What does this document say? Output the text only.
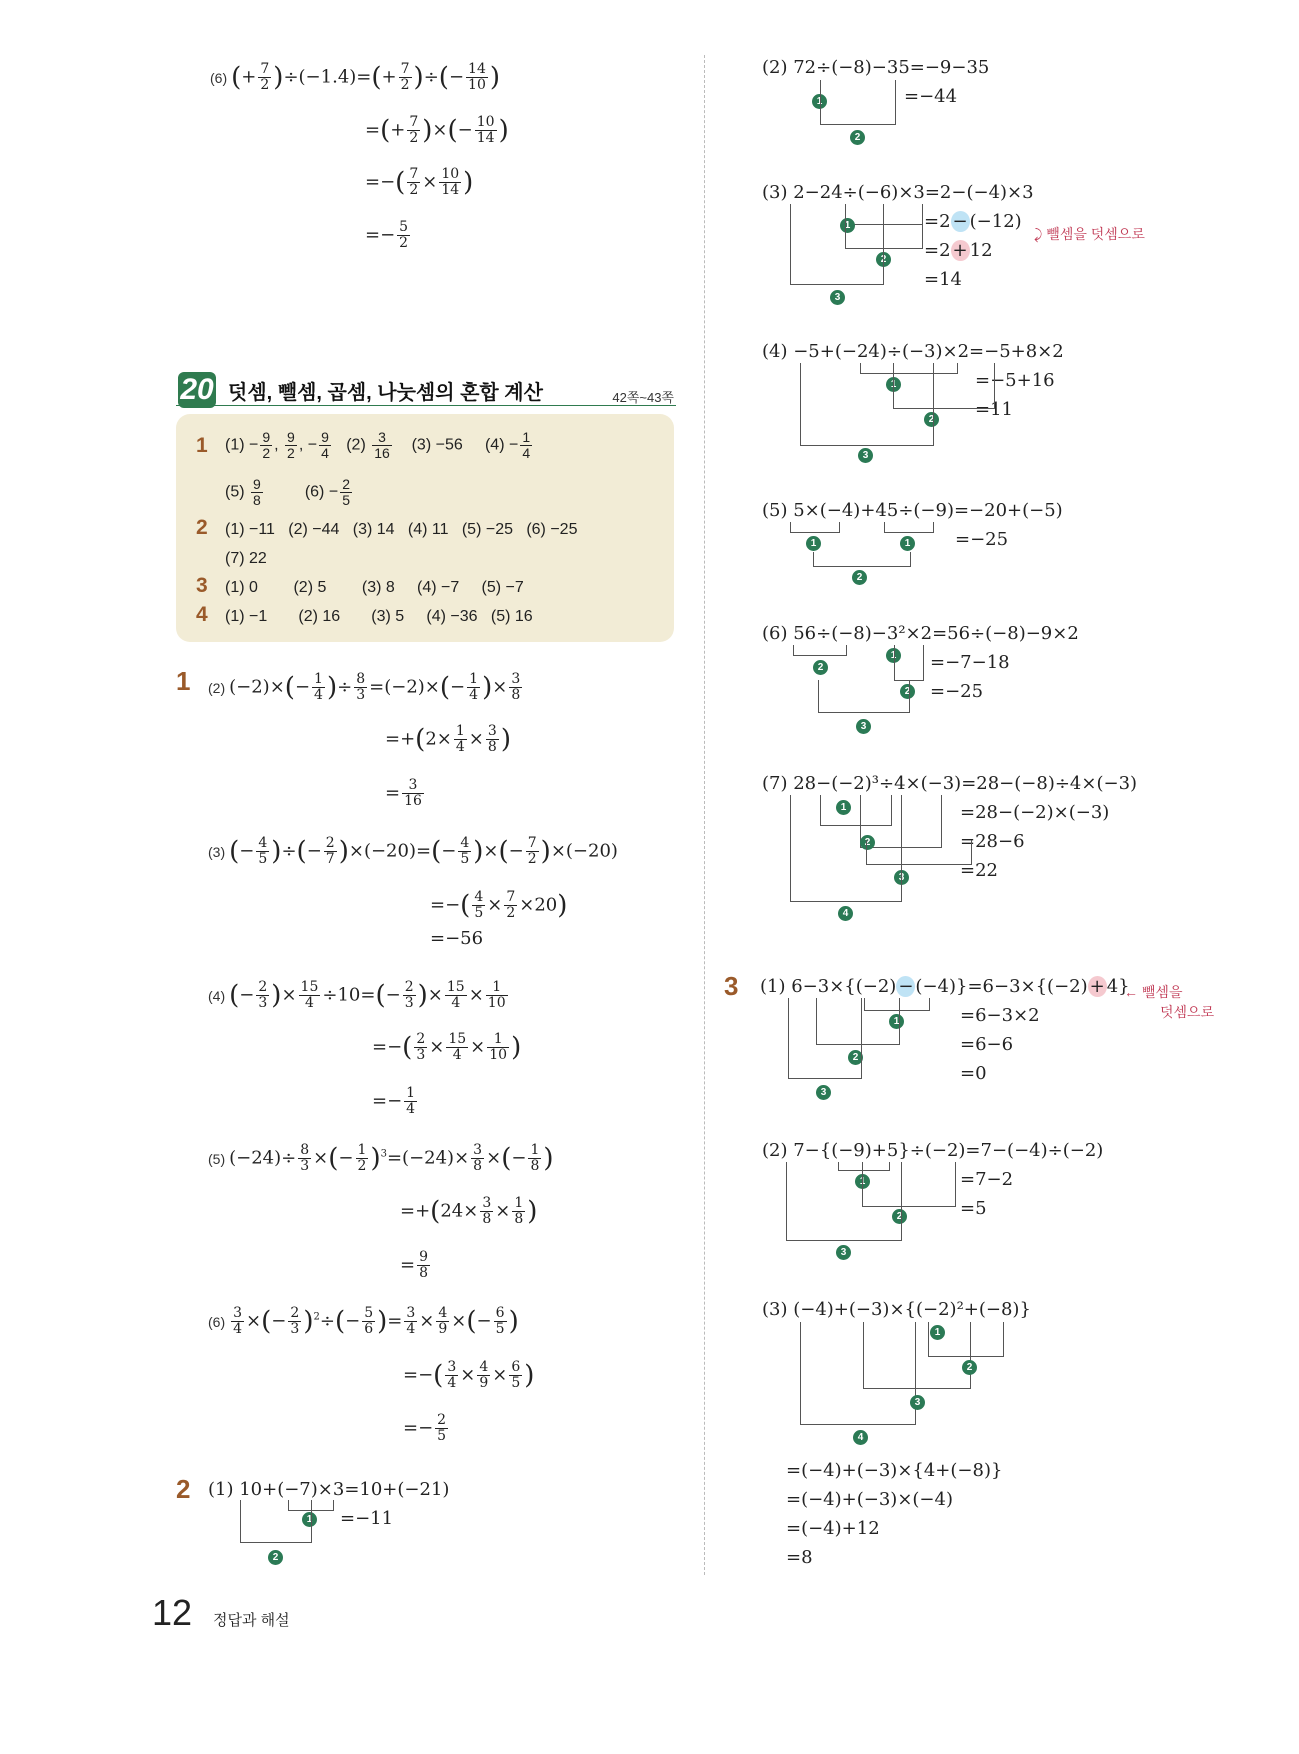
(6) (+ $\frac{7}{2} )\div(-1.4)=(+ \frac{7}{2}$ )÷(− $\frac{14}{10}$ )
=(+ $\frac{7}{2}$ )×(− $\frac{10}{14}$ )
=−( $\frac{7}{2} \times \frac{10}{14}$ )
=− $\frac{5}{2}$
20 덧셈, 뺄셈, 곱셈, 나눗셈의 혼합 계산	42쪽~43쪽
1 $(1) - \frac{9}{2}$ , $\frac{9}{2}$ , − $\frac{9}{4} (2) \frac{3}{16} (3) -56$ $(4) - \frac{1}{4}$
$(5) \frac{9}{8}$	$(6) - \frac{2}{5}$
2 (1) −11   (2) −44   (3) 14   (4) 11   (5) −25   (6) −25
(7) 22
3 (1) 0        (2) 5        (3) 8     (4) −7     (5) −7
4 (1) −1       (2) 16       (3) 5     (4) −36   (5) 16
1 (2) $(-2)\times(- \frac{1}{4}$ )÷ $\frac{8}{3} =(-2)\times(- \frac{1}{4}$ )× $\frac{3}{8}$
$=+(2\times \frac{1}{4} \times \frac{3}{8}$ )
= $\frac{3}{16}$
(3) (− $\frac{4}{5}$ )÷(− $\frac{2}{7} )\times(-20)=(- \frac{4}{5}$ )×(− $\frac{7}{2} )\times(-20)$
=−( $\frac{4}{5} \times \frac{7}{2} \times 20$)
=−56
(4) (− $\frac{2}{3}$ )× $\frac{15}{4} \div 10=(- \frac{2}{3}$ )× $\frac{15}{4} \times \frac{1}{10}$
=−( $\frac{2}{3} \times \frac{15}{4} \times \frac{1}{10}$ )
=− $\frac{1}{4}$
(5) $(-24)\div \frac{8}{3}$ ×(− $\frac{1}{2} )^3=(-24)\times \frac{3}{8}$ ×(− $\frac{1}{8}$ )
$=+(24\times \frac{3}{8} \times \frac{1}{8}$ )
= $\frac{9}{8}$
$(6) \frac{3}{4}$ ×(− $\frac{2}{3} )^2\div(- \frac{5}{6}$ )= $\frac{3}{4} \times \frac{4}{9}$ ×(− $\frac{6}{5}$ )
=−( $\frac{3}{4} \times \frac{4}{9} \times \frac{6}{5}$ )
=− $\frac{2}{5}$
2 (1) 10+(−7)×3=10+(−21)
=−11
1
2
(2) 72÷(−8)−35=−9−35
=−44
1
2
(3) 2−24÷(−6)×3=2−(−4)×3
=2 − (−12)
=2 + 12
=14
⤸ 뺄셈을 덧셈으로
1
2
3
(4) −5+(−24)÷(−3)×2=−5+8×2
=−5+16
=11
1
2
3
(5) 5×(−4)+45÷(−9)=−20+(−5)
=−25
1	1
2
(6) 56÷(−8)−3²×2=56÷(−8)−9×2
=−7−18
=−25
2
1
2
3
(7) 28−(−2)³÷4×(−3)=28−(−8)÷4×(−3)
=28−(−2)×(−3)
=28−6
=22
1
2
3
4
3 (1) 6−3×{(−2) − (−4)}=6−3×{(−2) + 4}
← 뺄셈을
덧셈으로
=6−3×2
=6−6
=0
1
2
3
(2) 7−{(−9)+5}÷(−2)=7−(−4)÷(−2)
=7−2
=5
1
2
3
(3) (−4)+(−3)×{(−2)²+(−8)}
1
2
3
4
=(−4)+(−3)×{4+(−8)}
=(−4)+(−3)×(−4)
=(−4)+12
=8
12 정답과 해설
